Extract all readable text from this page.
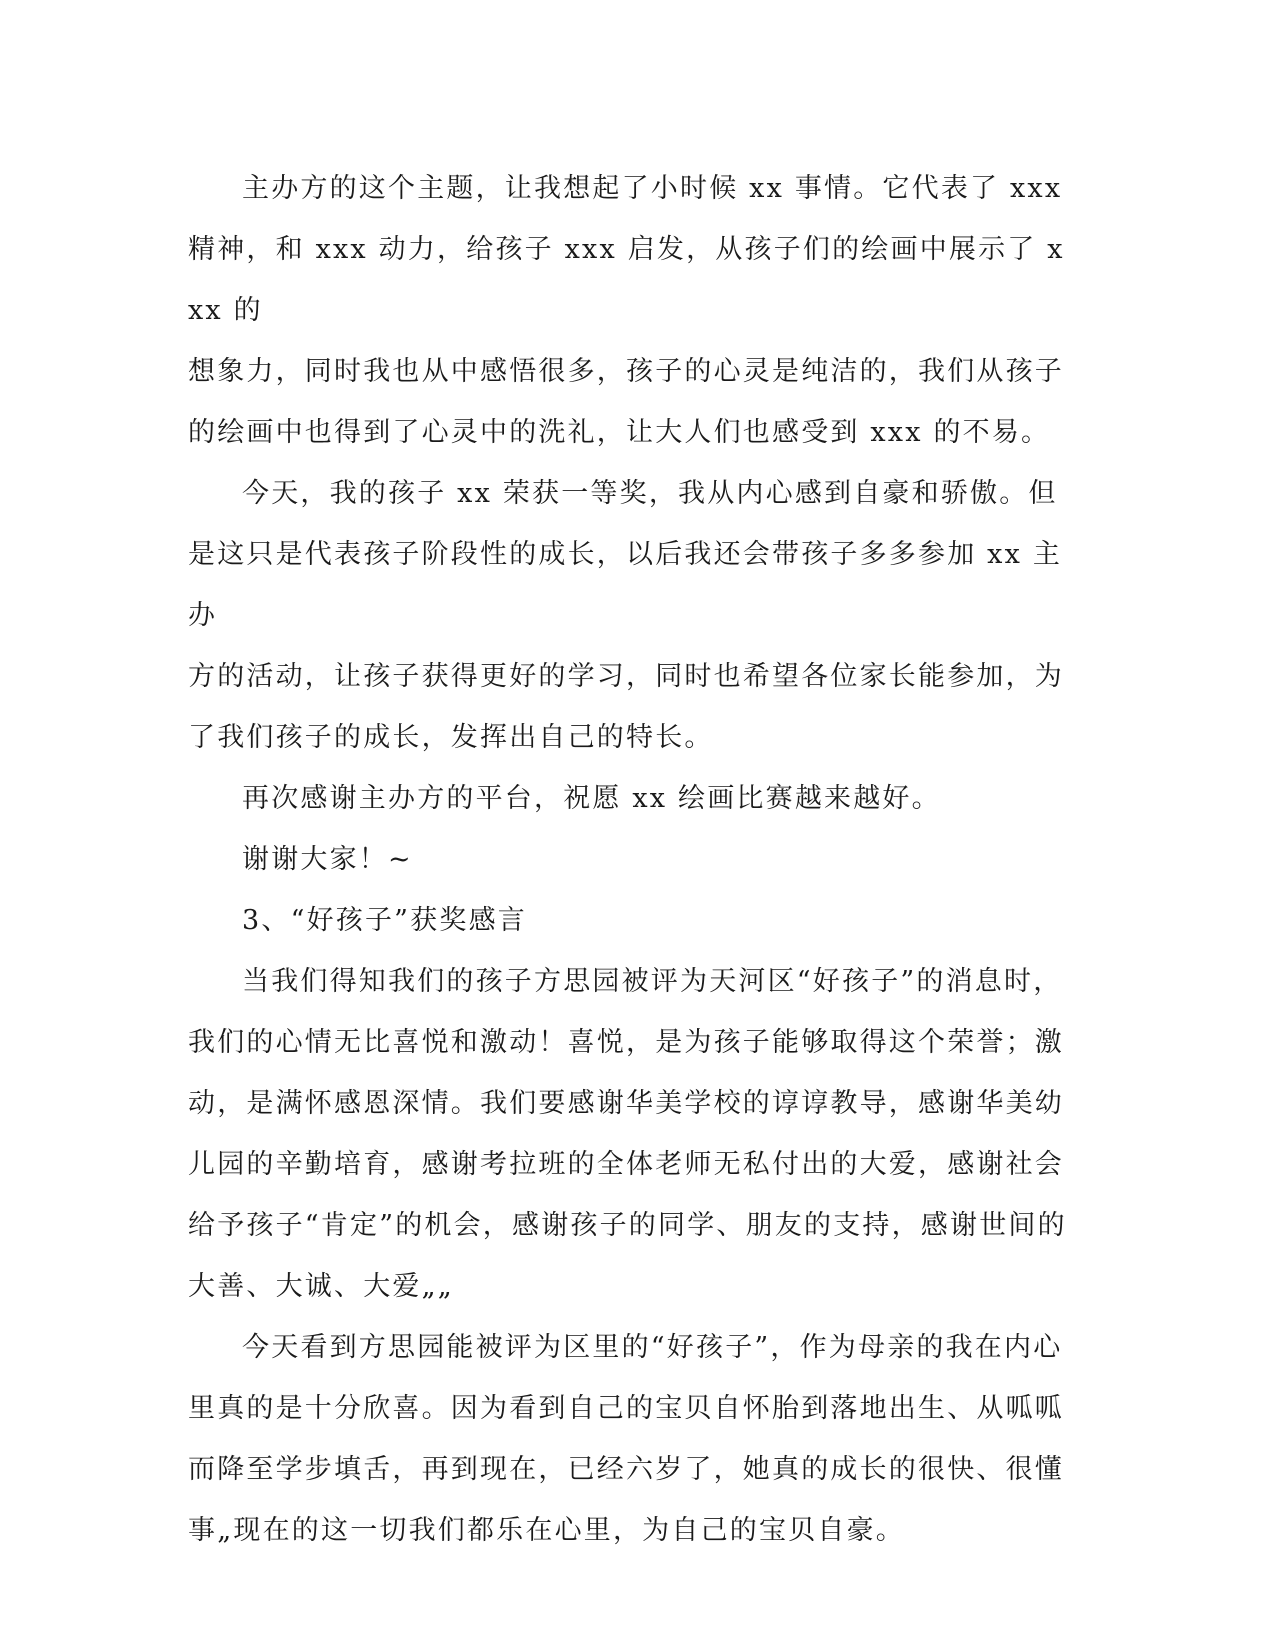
主办方的这个主题，让我想起了小时候 xx 事情。它代表了 xxx
精神，和 xxx 动力，给孩子 xxx 启发，从孩子们的绘画中展示了 xxx 的
想象力，同时我也从中感悟很多，孩子的心灵是纯洁的，我们从孩子
的绘画中也得到了心灵中的洗礼，让大人们也感受到 xxx 的不易。

今天，我的孩子 xx 荣获一等奖，我从内心感到自豪和骄傲。但
是这只是代表孩子阶段性的成长，以后我还会带孩子多多参加 xx 主办
方的活动，让孩子获得更好的学习，同时也希望各位家长能参加，为
了我们孩子的成长，发挥出自己的特长。

再次感谢主办方的平台，祝愿 xx 绘画比赛越来越好。

谢谢大家！~

3、“好孩子”获奖感言

当我们得知我们的孩子方思园被评为天河区“好孩子”的消息时，
我们的心情无比喜悦和激动！喜悦，是为孩子能够取得这个荣誉；激
动，是满怀感恩深情。我们要感谢华美学校的谆谆教导，感谢华美幼
儿园的辛勤培育，感谢考拉班的全体老师无私付出的大爱，感谢社会
给予孩子“肯定”的机会，感谢孩子的同学、朋友的支持，感谢世间的
大善、大诚、大爱„„

今天看到方思园能被评为区里的“好孩子”，作为母亲的我在内心
里真的是十分欣喜。因为看到自己的宝贝自怀胎到落地出生、从呱呱
而降至学步填舌，再到现在，已经六岁了，她真的成长的很快、很懂
事„现在的这一切我们都乐在心里，为自己的宝贝自豪。
